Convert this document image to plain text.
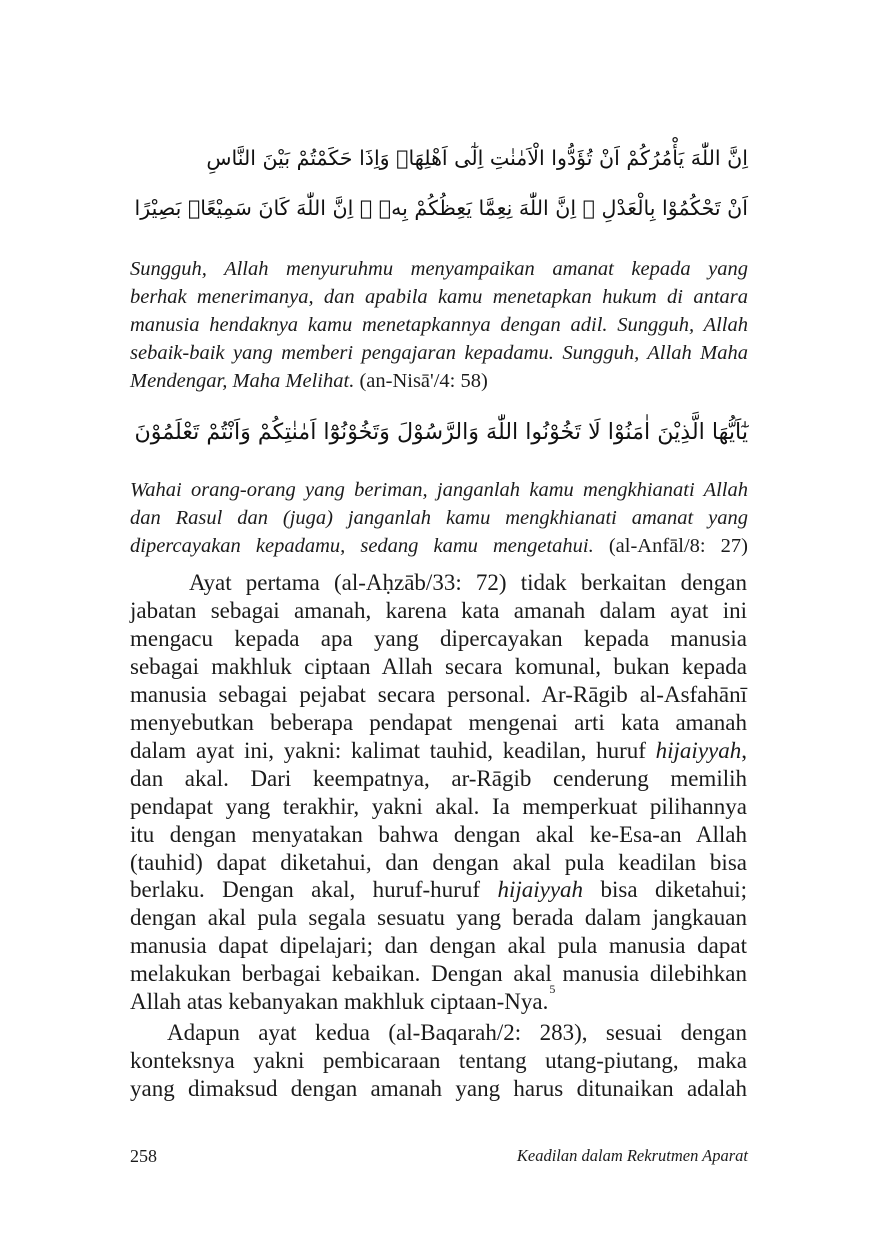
اِنَّ اللّٰهَ يَأْمُرُكُمْ اَنْ تُؤَدُّوا الْاَمٰنٰتِ اِلٰٓى اَهْلِهَاۙ وَاِذَا حَكَمْتُمْ بَيْنَ النَّاسِ
اَنْ تَحْكُمُوْا بِالْعَدْلِ ۗ اِنَّ اللّٰهَ نِعِمَّا يَعِظُكُمْ بِهٖ ۗ اِنَّ اللّٰهَ كَانَ سَمِيْعًاۢ بَصِيْرًا
Sungguh, Allah menyuruhmu menyampaikan amanat kepada yang
berhak menerimanya, dan apabila kamu menetapkan hukum di antara
manusia hendaknya kamu menetapkannya dengan adil. Sungguh, Allah
sebaik-baik yang memberi pengajaran kepadamu. Sungguh, Allah Maha
Mendengar, Maha Melihat. (an-Nisā'/4: 58)
يٰٓاَيُّهَا الَّذِيْنَ اٰمَنُوْا لَا تَخُوْنُوا اللّٰهَ وَالرَّسُوْلَ وَتَخُوْنُوْٓا اَمٰنٰتِكُمْ وَاَنْتُمْ تَعْلَمُوْنَ
Wahai orang-orang yang beriman, janganlah kamu mengkhianati Allah
dan Rasul dan (juga) janganlah kamu mengkhianati amanat yang
dipercayakan kepadamu, sedang kamu mengetahui. (al-Anfāl/8: 27)
Ayat pertama (al-Aḥzāb/33: 72) tidak berkaitan dengan
jabatan sebagai amanah, karena kata amanah dalam ayat ini
mengacu kepada apa yang dipercayakan kepada manusia
sebagai makhluk ciptaan Allah secara komunal, bukan kepada
manusia sebagai pejabat secara personal. Ar-Rāgib al-Asfahānī
menyebutkan beberapa pendapat mengenai arti kata amanah
dalam ayat ini, yakni: kalimat tauhid, keadilan, huruf hijaiyyah,
dan akal. Dari keempatnya, ar-Rāgib cenderung memilih
pendapat yang terakhir, yakni akal. Ia memperkuat pilihannya
itu dengan menyatakan bahwa dengan akal ke-Esa-an Allah
(tauhid) dapat diketahui, dan dengan akal pula keadilan bisa
berlaku. Dengan akal, huruf-huruf hijaiyyah bisa diketahui;
dengan akal pula segala sesuatu yang berada dalam jangkauan
manusia dapat dipelajari; dan dengan akal pula manusia dapat
melakukan berbagai kebaikan. Dengan akal manusia dilebihkan
Allah atas kebanyakan makhluk ciptaan-Nya.$^5$
Adapun ayat kedua (al-Baqarah/2: 283), sesuai dengan
konteksnya yakni pembicaraan tentang utang-piutang, maka
yang dimaksud dengan amanah yang harus ditunaikan adalah
258	Keadilan dalam Rekrutmen Aparat
